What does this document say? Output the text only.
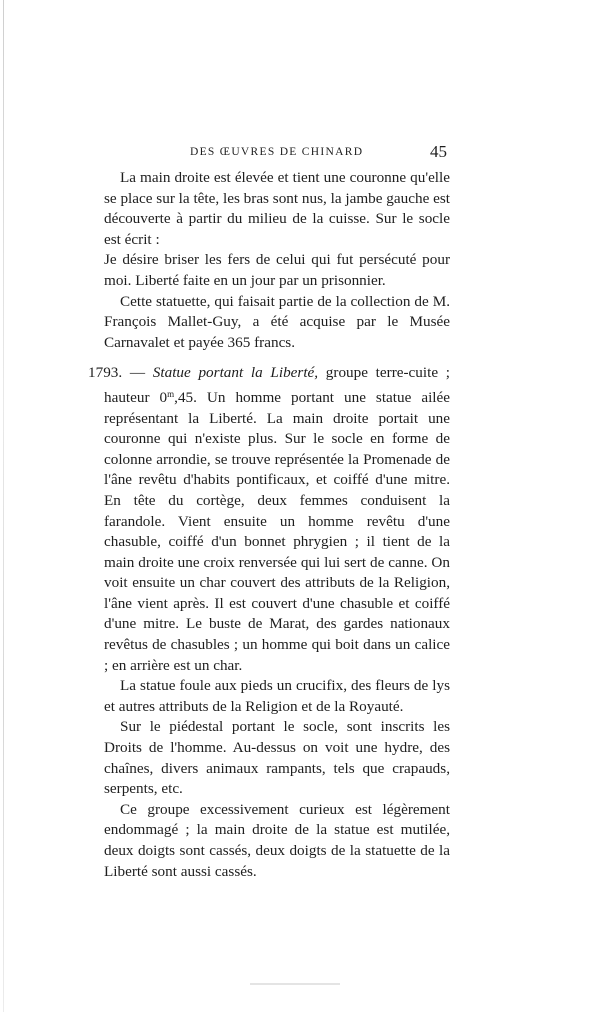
DES ŒUVRES DE CHINARD	45

La main droite est élevée et tient une couronne qu'elle se place sur la tête, les bras sont nus, la jambe gauche est découverte à partir du milieu de la cuisse. Sur le socle est écrit :

Je désire briser les fers de celui qui fut persécuté pour moi. Liberté faite en un jour par un prisonnier.

Cette statuette, qui faisait partie de la collection de M. François Mallet-Guy, a été acquise par le Musée Carnavalet et payée 365 francs.

1793. — Statue portant la Liberté, groupe terre-cuite ; hauteur 0$^m$,45. Un homme portant une statue ailée représentant la Liberté. La main droite portait une couronne qui n'existe plus. Sur le socle en forme de colonne arrondie, se trouve représentée la Promenade de l'âne revêtu d'habits pontificaux, et coiffé d'une mitre. En tête du cortège, deux femmes conduisent la farandole. Vient ensuite un homme revêtu d'une chasuble, coiffé d'un bonnet phrygien ; il tient de la main droite une croix renversée qui lui sert de canne. On voit ensuite un char couvert des attributs de la Religion, l'âne vient après. Il est couvert d'une chasuble et coiffé d'une mitre. Le buste de Marat, des gardes nationaux revêtus de chasubles ; un homme qui boit dans un calice ; en arrière est un char.

La statue foule aux pieds un crucifix, des fleurs de lys et autres attributs de la Religion et de la Royauté.

Sur le piédestal portant le socle, sont inscrits les Droits de l'homme. Au-dessus on voit une hydre, des chaînes, divers animaux rampants, tels que crapauds, serpents, etc.

Ce groupe excessivement curieux est légèrement endommagé ; la main droite de la statue est mutilée, deux doigts sont cassés, deux doigts de la statuette de la Liberté sont aussi cassés.
